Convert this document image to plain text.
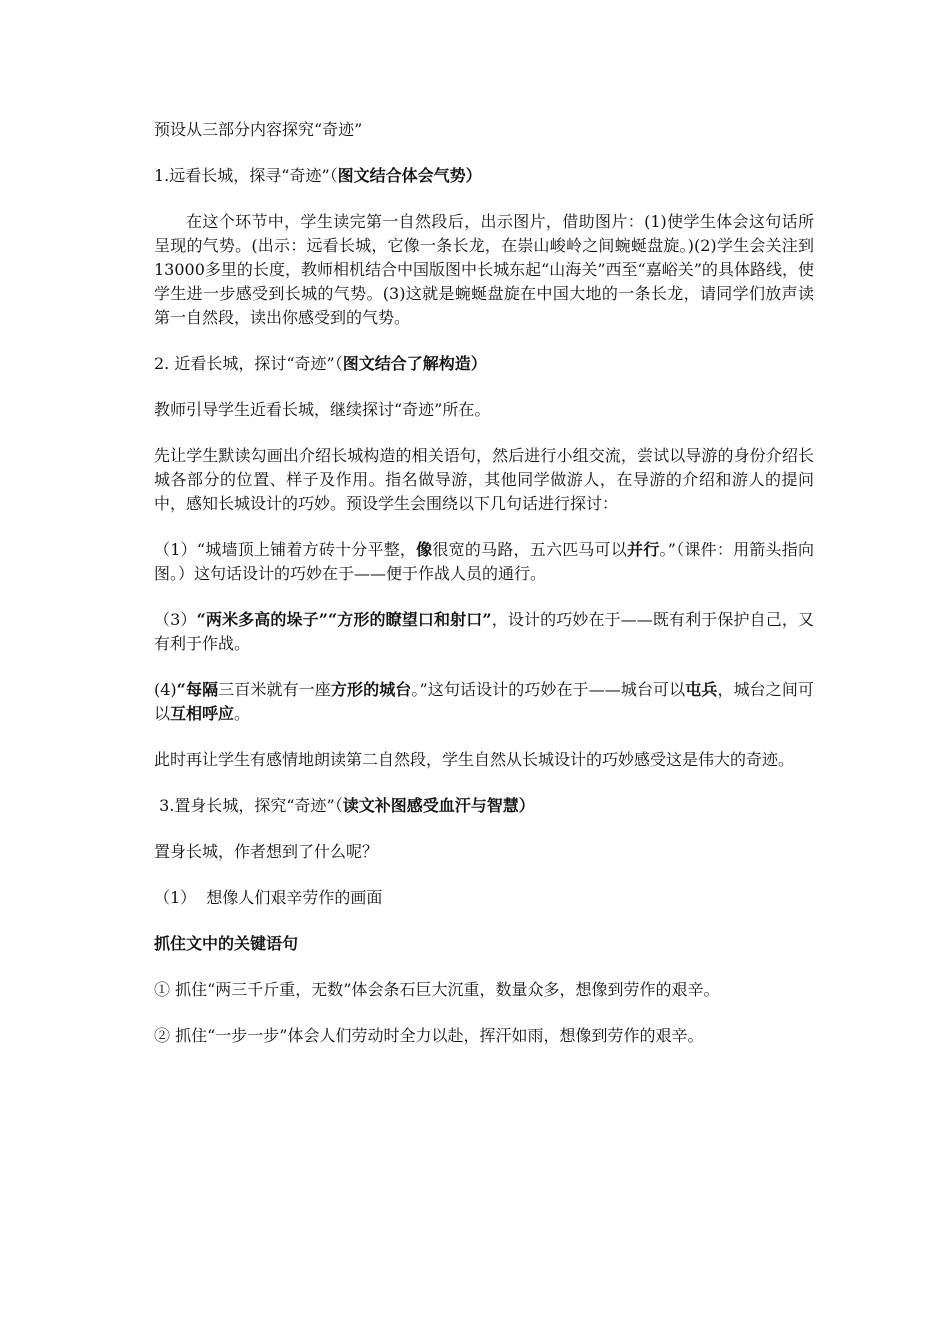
预设从三部分内容探究“奇迹”

1.远看长城，探寻“奇迹”（图文结合体会气势）

在这个环节中，学生读完第一自然段后，出示图片，借助图片：(1)使学生体会这句话所呈现的气势。(出示：远看长城，它像一条长龙，在崇山峻岭之间蜿蜒盘旋。)(2)学生会关注到13000多里的长度，教师相机结合中国版图中长城东起“山海关”西至“嘉峪关”的具体路线，使学生进一步感受到长城的气势。(3)这就是蜿蜒盘旋在中国大地的一条长龙，请同学们放声读第一自然段，读出你感受到的气势。

2. 近看长城，探讨“奇迹”（图文结合了解构造）

教师引导学生近看长城，继续探讨“奇迹”所在。

先让学生默读勾画出介绍长城构造的相关语句，然后进行小组交流，尝试以导游的身份介绍长城各部分的位置、样子及作用。指名做导游，其他同学做游人，在导游的介绍和游人的提问中，感知长城设计的巧妙。预设学生会围绕以下几句话进行探讨：

（1）“城墙顶上铺着方砖十分平整，像很宽的马路，五六匹马可以并行。”（课件：用箭头指向图。）这句话设计的巧妙在于——便于作战人员的通行。

（3）“两米多高的垛子”“方形的瞭望口和射口”，设计的巧妙在于——既有利于保护自己，又有利于作战。

(4)“每隔三百米就有一座方形的城台。”这句话设计的巧妙在于——城台可以屯兵，城台之间可以互相呼应。

此时再让学生有感情地朗读第二自然段，学生自然从长城设计的巧妙感受这是伟大的奇迹。

3.置身长城，探究“奇迹”（读文补图感受血汗与智慧）

置身长城，作者想到了什么呢？

（1）  想像人们艰辛劳作的画面

抓住文中的关键语句

① 抓住“两三千斤重，无数”体会条石巨大沉重，数量众多，想像到劳作的艰辛。

② 抓住“一步一步”体会人们劳动时全力以赴，挥汗如雨，想像到劳作的艰辛。
